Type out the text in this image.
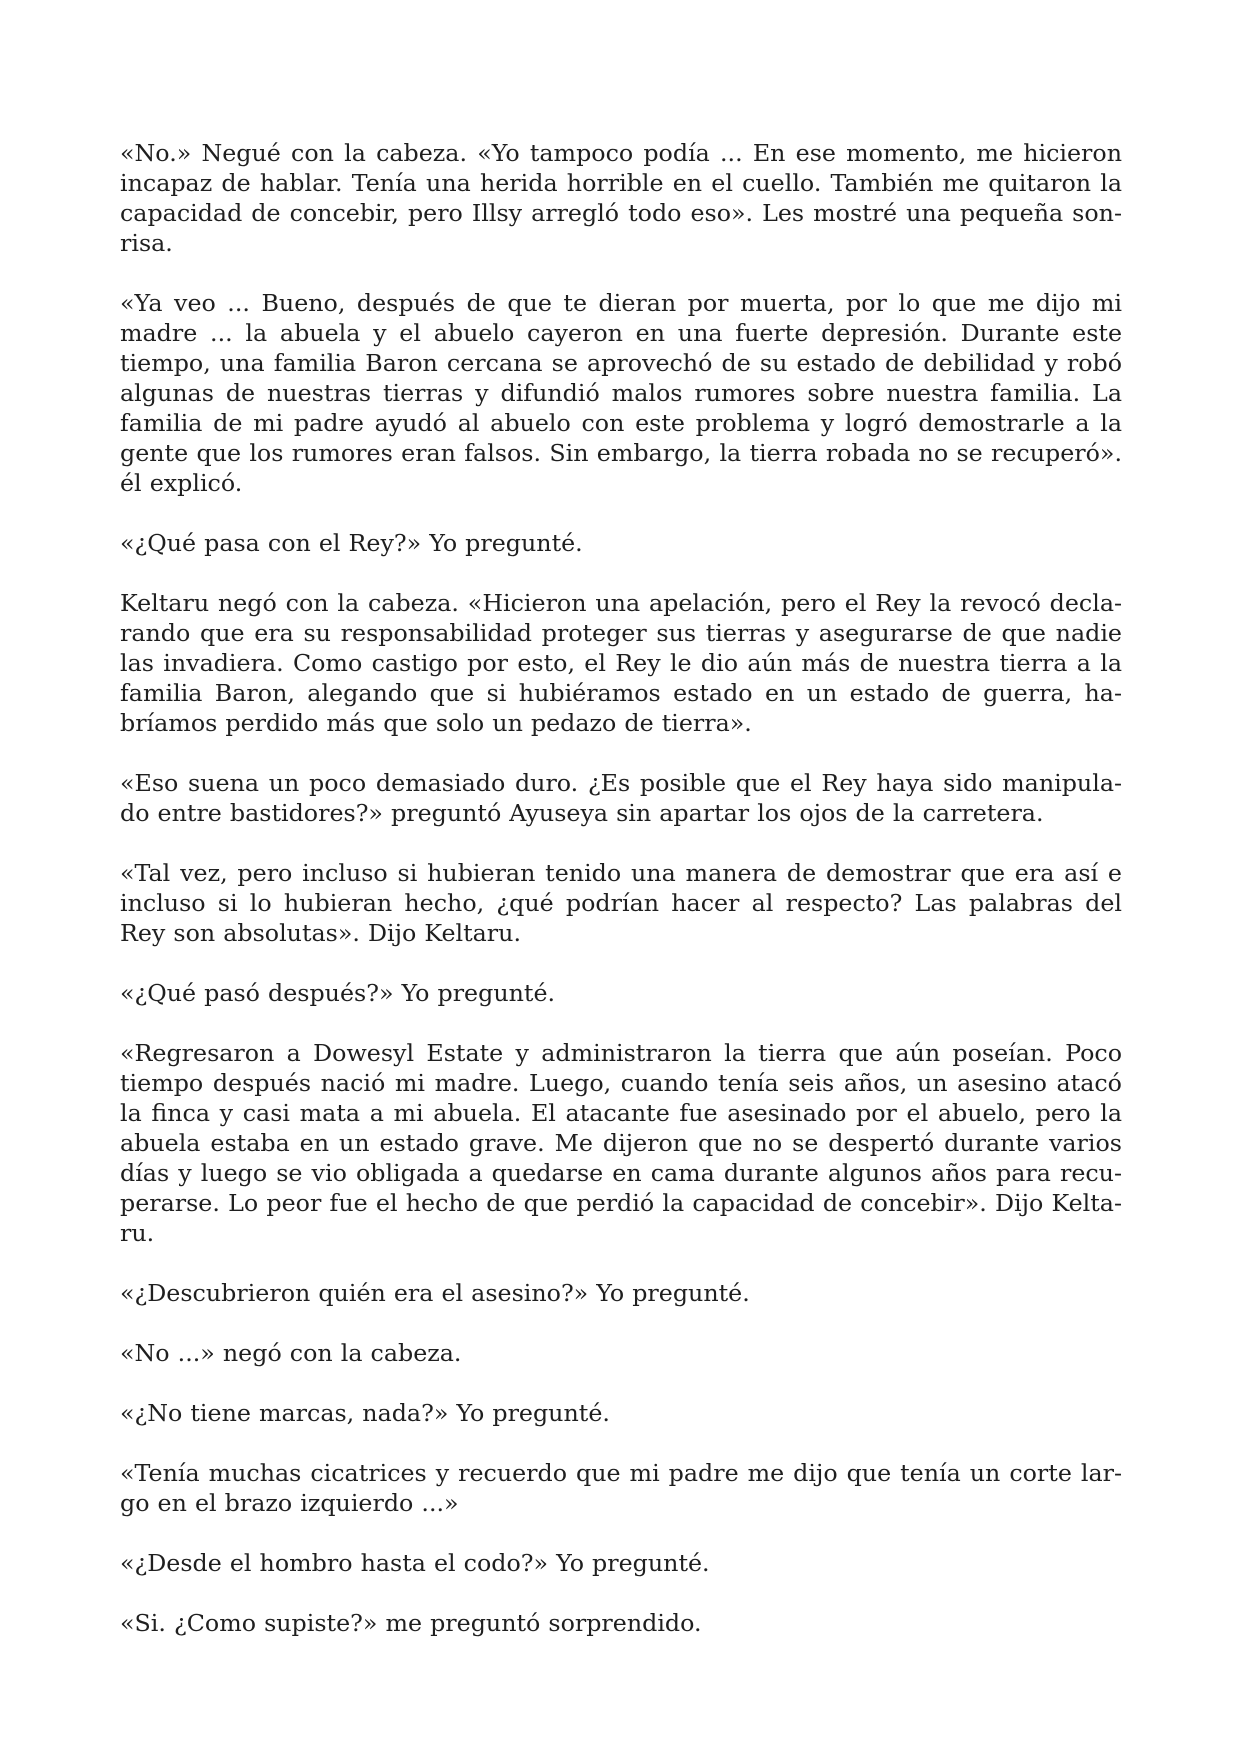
«No.» Negué con la cabeza. «Yo tampoco podía ... En ese momento, me hicieron
incapaz de hablar. Tenía una herida horrible en el cuello. También me quitaron la
capacidad de concebir, pero Illsy arregló todo eso». Les mostré una pequeña son-
risa.

«Ya veo ... Bueno, después de que te dieran por muerta, por lo que me dijo mi
madre ... la abuela y el abuelo cayeron en una fuerte depresión. Durante este
tiempo, una familia Baron cercana se aprovechó de su estado de debilidad y robó
algunas de nuestras tierras y difundió malos rumores sobre nuestra familia. La
familia de mi padre ayudó al abuelo con este problema y logró demostrarle a la
gente que los rumores eran falsos. Sin embargo, la tierra robada no se recuperó».
él explicó.

«¿Qué pasa con el Rey?» Yo pregunté.

Keltaru negó con la cabeza. «Hicieron una apelación, pero el Rey la revocó decla-
rando que era su responsabilidad proteger sus tierras y asegurarse de que nadie
las invadiera. Como castigo por esto, el Rey le dio aún más de nuestra tierra a la
familia Baron, alegando que si hubiéramos estado en un estado de guerra, ha-
bríamos perdido más que solo un pedazo de tierra».

«Eso suena un poco demasiado duro. ¿Es posible que el Rey haya sido manipula-
do entre bastidores?» preguntó Ayuseya sin apartar los ojos de la carretera.

«Tal vez, pero incluso si hubieran tenido una manera de demostrar que era así e
incluso si lo hubieran hecho, ¿qué podrían hacer al respecto? Las palabras del
Rey son absolutas». Dijo Keltaru.

«¿Qué pasó después?» Yo pregunté.

«Regresaron a Dowesyl Estate y administraron la tierra que aún poseían. Poco
tiempo después nació mi madre. Luego, cuando tenía seis años, un asesino atacó
la finca y casi mata a mi abuela. El atacante fue asesinado por el abuelo, pero la
abuela estaba en un estado grave. Me dijeron que no se despertó durante varios
días y luego se vio obligada a quedarse en cama durante algunos años para recu-
perarse. Lo peor fue el hecho de que perdió la capacidad de concebir». Dijo Kelta-
ru.

«¿Descubrieron quién era el asesino?» Yo pregunté.

«No ...» negó con la cabeza.

«¿No tiene marcas, nada?» Yo pregunté.

«Tenía muchas cicatrices y recuerdo que mi padre me dijo que tenía un corte lar-
go en el brazo izquierdo ...»

«¿Desde el hombro hasta el codo?» Yo pregunté.

«Si. ¿Como supiste?» me preguntó sorprendido.
